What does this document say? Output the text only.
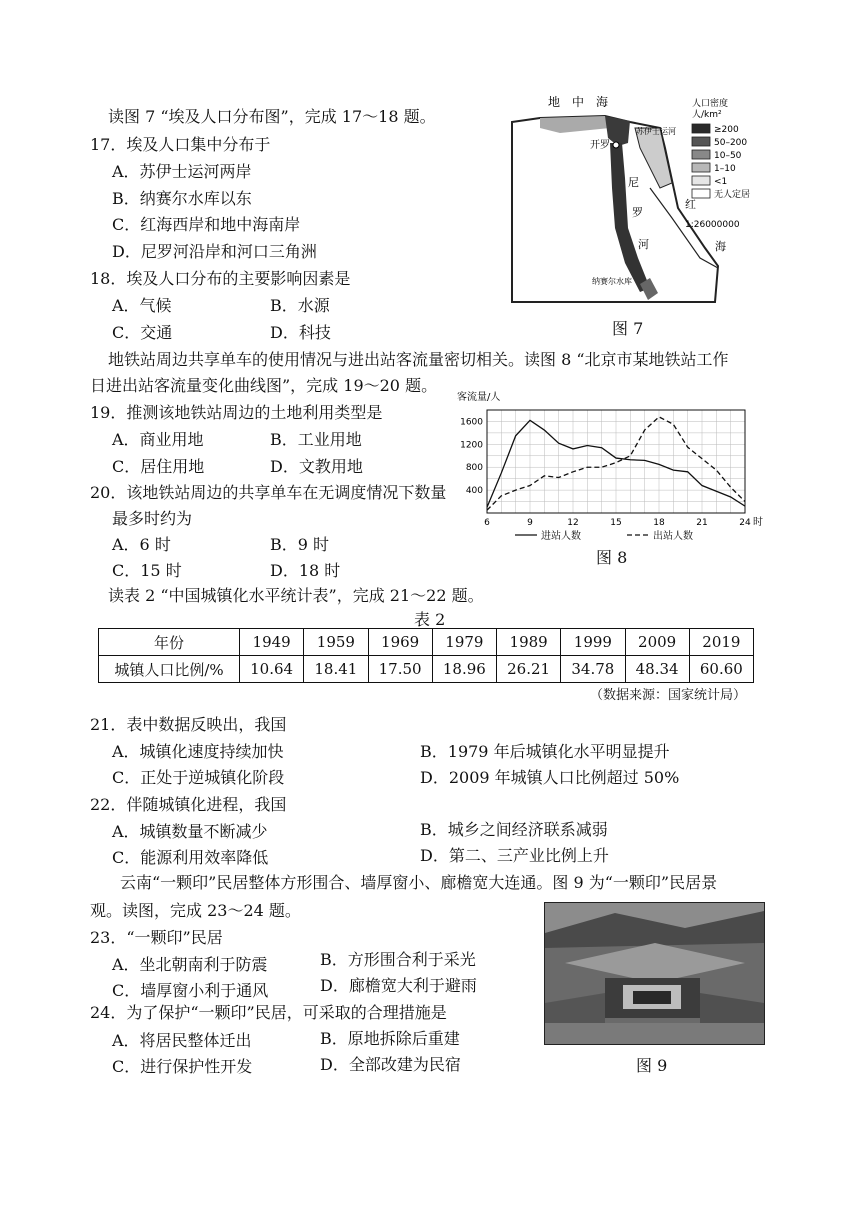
读图 7 “埃及人口分布图”，完成 17～18 题。
17．埃及人口集中分布于
A．苏伊士运河两岸
B．纳赛尔水库以东
C．红海西岸和地中海南岸
D．尼罗河沿岸和河口三角洲
18．埃及人口分布的主要影响因素是
A．气候	B．水源
C．交通	D．科技
地　中　海
开罗
苏伊士运河
尼
罗
河
红
海
纳赛尔水库
1:26000000
人口密度
人/km²
≥200
50–200
10–50
1–10
<1
无人定居
图 7
地铁站周边共享单车的使用情况与进出站客流量密切相关。读图 8 “北京市某地铁站工作
日进出站客流量变化曲线图”，完成 19～20 题。
19．推测该地铁站周边的土地利用类型是
A．商业用地	B．工业用地
C．居住用地	D．文教用地
20．该地铁站周边的共享单车在无调度情况下数量
最多时约为
A．6 时	B．9 时
C．15 时	D．18 时
客流量/人
400
800
1200
1600
6	9	12	15	18	21	24 时
进站人数	出站人数
图 8
读表 2 “中国城镇化水平统计表”，完成 21～22 题。
表 2
年份	1949	1959	1969	1979	1989	1999	2009	2019
城镇人口比例/%	10.64	18.41	17.50	18.96	26.21	34.78	48.34	60.60
（数据来源：国家统计局）
21．表中数据反映出，我国
A．城镇化速度持续加快	B．1979 年后城镇化水平明显提升
C．正处于逆城镇化阶段	D．2009 年城镇人口比例超过 50%
22．伴随城镇化进程，我国
A．城镇数量不断减少	B．城乡之间经济联系减弱
C．能源利用效率降低	D．第二、三产业比例上升
云南“一颗印”民居整体方形围合、墙厚窗小、廊檐宽大连通。图 9 为“一颗印”民居景
观。读图，完成 23～24 题。
23．“一颗印”民居
A．坐北朝南利于防震	B．方形围合利于采光
C．墙厚窗小利于通风	D．廊檐宽大利于避雨
24．为了保护“一颗印”民居，可采取的合理措施是
A．将居民整体迁出	B．原地拆除后重建
C．进行保护性开发	D．全部改建为民宿	图 9
